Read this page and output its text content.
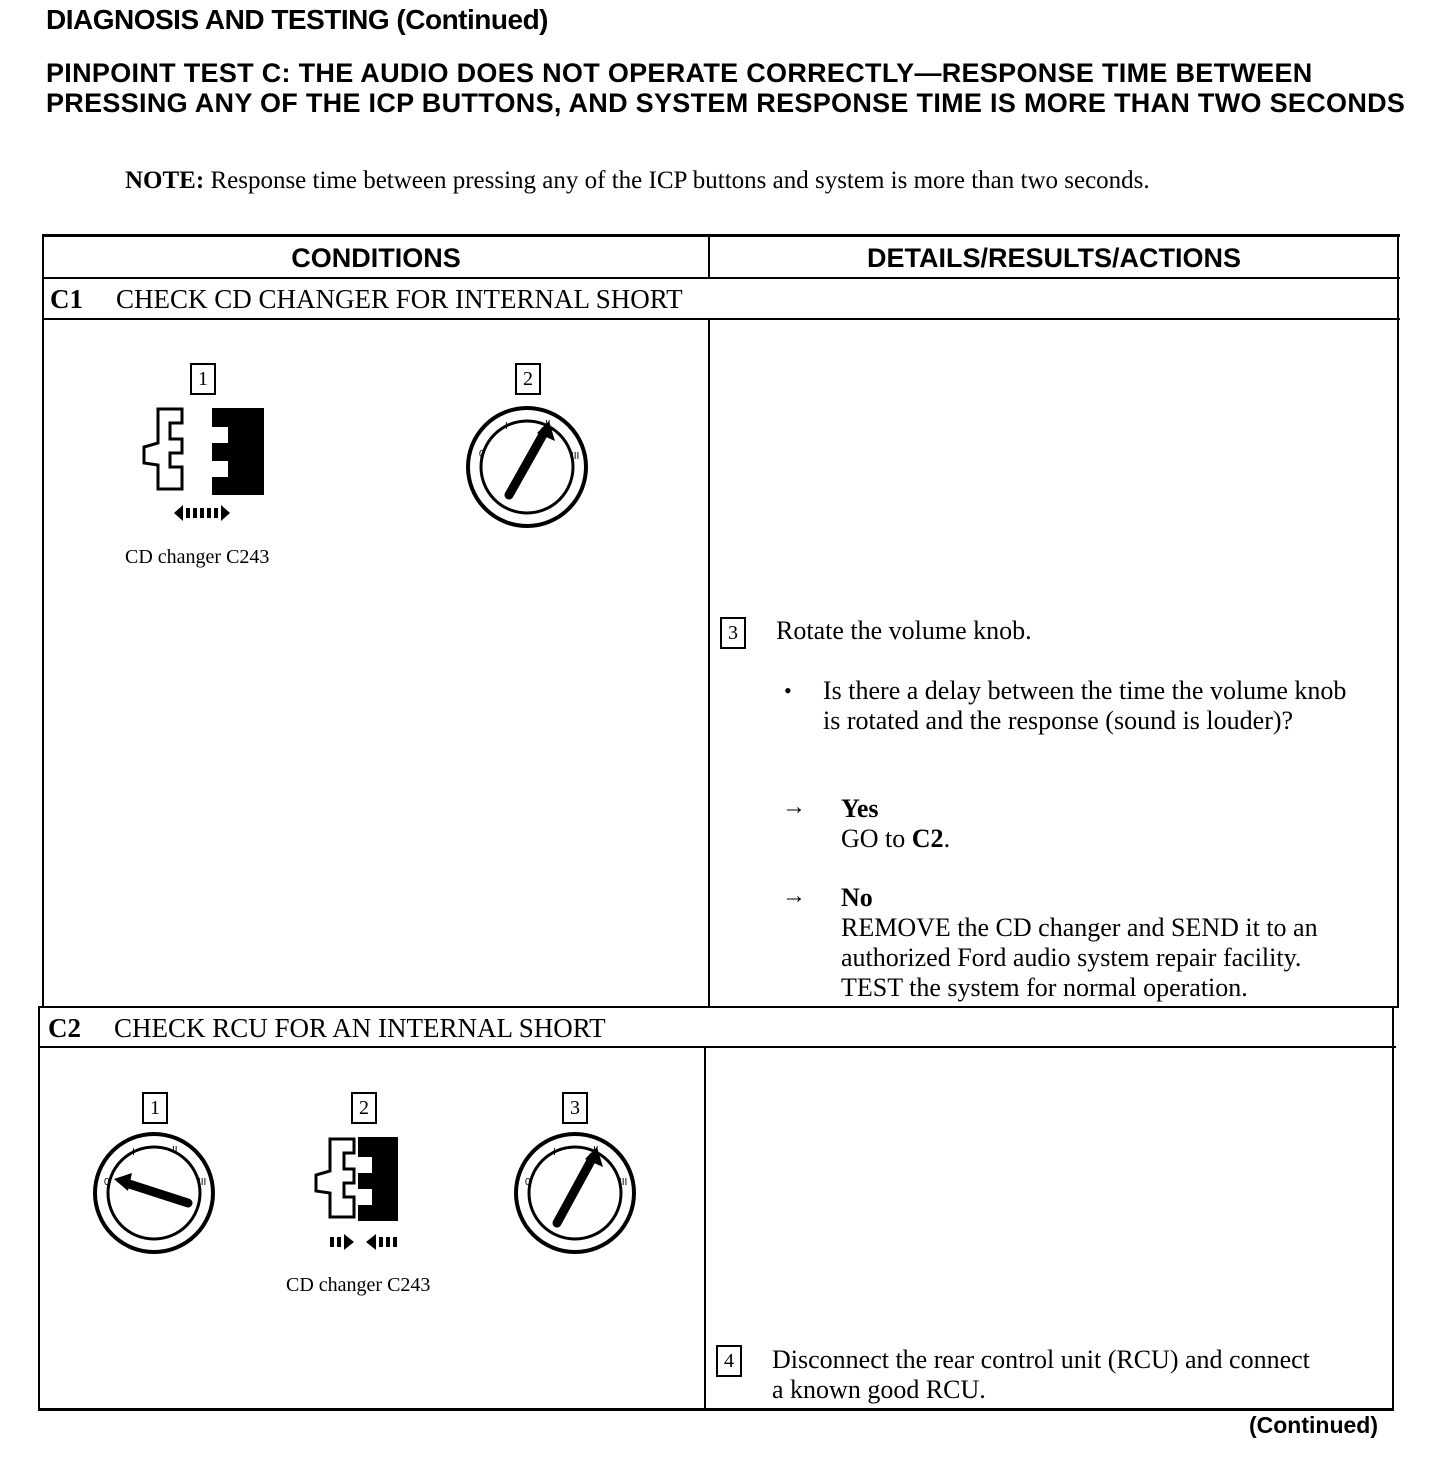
DIAGNOSIS AND TESTING (Continued)
PINPOINT TEST C: THE AUDIO DOES NOT OPERATE CORRECTLY—RESPONSE TIME BETWEEN PRESSING ANY OF THE ICP BUTTONS, AND SYSTEM RESPONSE TIME IS MORE THAN TWO SECONDS
NOTE: Response time between pressing any of the ICP buttons and system is more than two seconds.
CONDITIONS	DETAILS/RESULTS/ACTIONS
C1 CHECK CD CHANGER FOR INTERNAL SHORT
1	2
CD changer C243
0
I
III
3	Rotate the volume knob.
• Is there a delay between the time the volume knob is rotated and the response (sound is louder)?
→ Yes
GO to C2.
→ No
REMOVE the CD changer and SEND it to an
authorized Ford audio system repair facility.
TEST the system for normal operation.
C2 CHECK RCU FOR AN INTERNAL SHORT
1	2	3
0
I	II
III
CD changer C243
0
I
III
4	Disconnect the rear control unit (RCU) and connect
a known good RCU.
(Continued)
